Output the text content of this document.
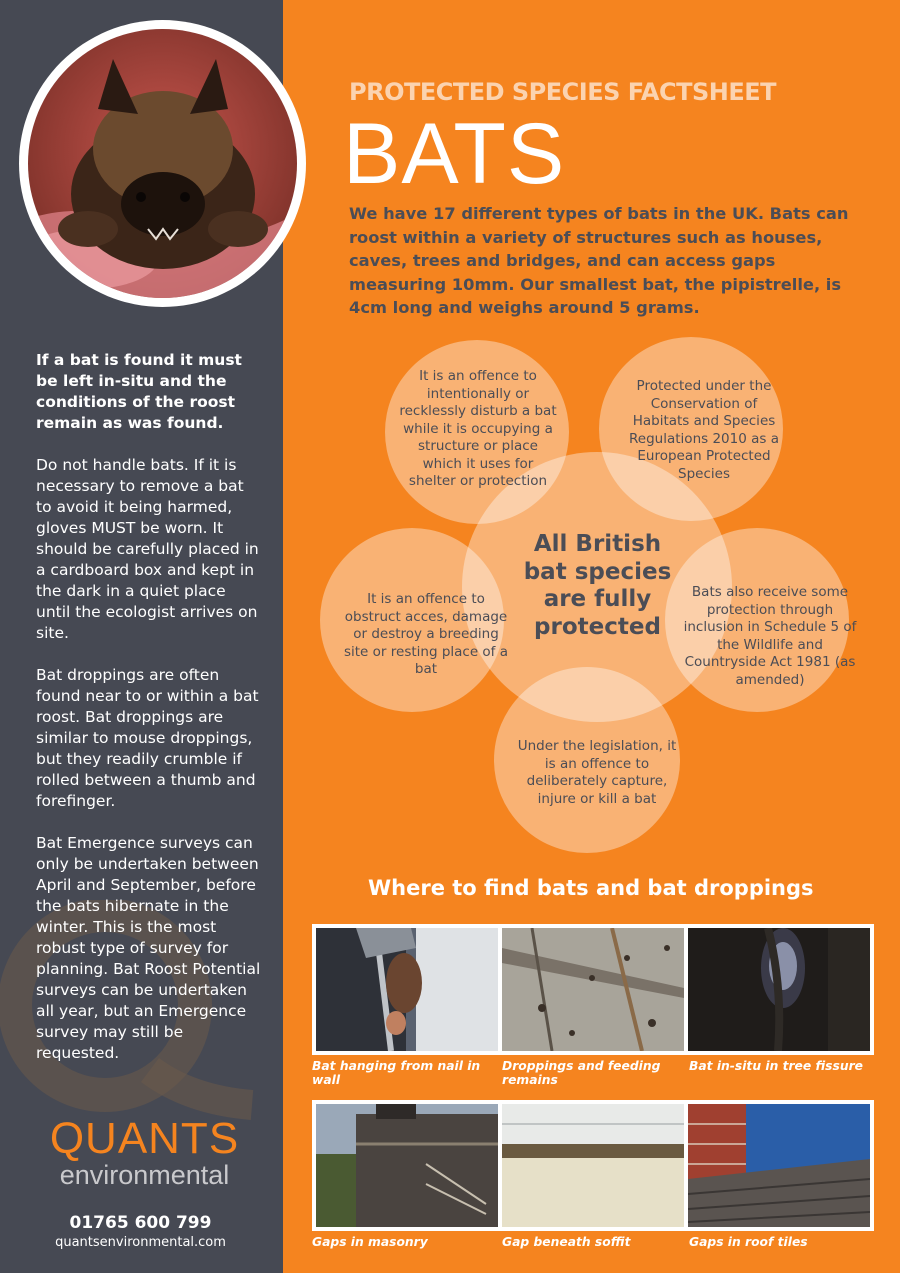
If a bat is found it must be left in-situ and the conditions of the roost remain as was found.

Do not handle bats. If it is necessary to remove a bat to avoid it being harmed, gloves MUST be worn. It should be carefully placed in a cardboard box and kept in the dark in a quiet place until the ecologist arrives on site.

Bat droppings are often found near to or within a bat roost. Bat droppings are similar to mouse droppings, but they readily crumble if rolled between a thumb and forefinger.

Bat Emergence surveys can only be undertaken between April and September, before the bats hibernate in the winter. This is the most robust type of survey for planning. Bat Roost Potential surveys can be undertaken all year, but an Emergence survey may still be requested.

QUANTS
environmental
01765 600 799
quantsenvironmental.com
PROTECTED SPECIES FACTSHEET
BATS
We have 17 different types of bats in the UK. Bats can roost within a variety of structures such as houses, caves, trees and bridges, and can access gaps measuring 10mm. Our smallest bat, the pipistrelle, is 4cm long and weighs around 5 grams.
It is an offence to intentionally or recklessly disturb a bat while it is occupying a structure or place which it uses for shelter or protection
Protected under the Conservation of Habitats and Species Regulations 2010 as a European Protected Species
It is an offence to obstruct acces, damage or destroy a breeding site or resting place of a bat
Bats also receive some protection through inclusion in Schedule 5 of the Wildlife and Countryside Act 1981 (as amended)
Under the legislation, it is an offence to deliberately capture, injure or kill a bat
All British bat species are fully protected
Where to find bats and bat droppings
Bat hanging from nail in wall
Droppings and feeding remains
Bat in-situ in tree fissure
Gaps in masonry	Gap beneath soffit	Gaps in roof tiles
